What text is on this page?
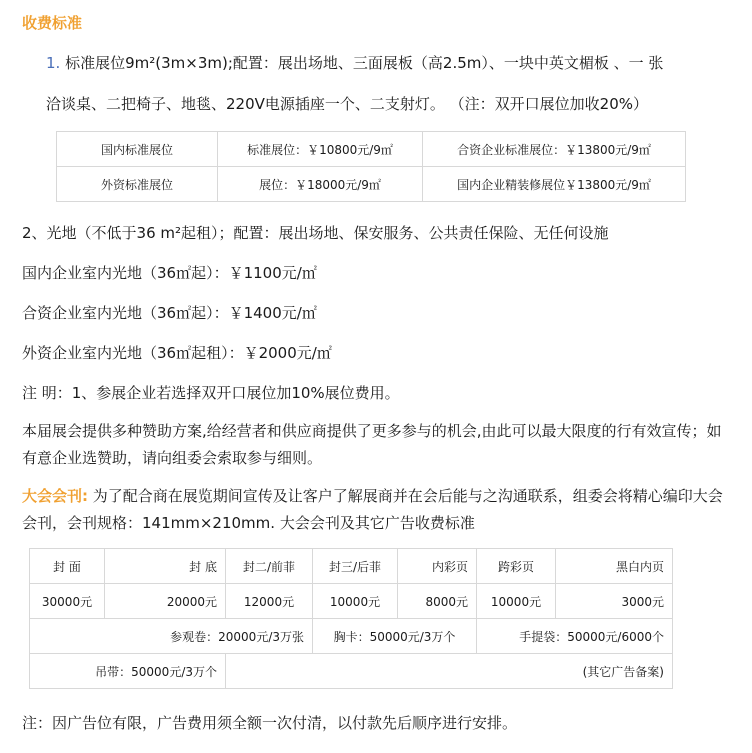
收费标准
1. 标准展位9m²(3m×3m);配置：展出场地、三面展板（高2.5m）、一块中英文楣板 、一 张
洽谈桌、二把椅子、地毯、220V电源插座一个、二支射灯。 （注：双开口展位加收20%）
国内标准展位	标准展位：￥10800元/9㎡	合资企业标准展位：￥13800元/9㎡
外资标准展位	展位：￥18000元/9㎡	国内企业精装修展位￥13800元/9㎡
2、光地（不低于36 m²起租）；配置：展出场地、保安服务、公共责任保险、无任何设施
国内企业室内光地（36㎡起）：￥1100元/㎡
合资企业室内光地（36㎡起）：￥1400元/㎡
外资企业室内光地（36㎡起租）：￥2000元/㎡
注 明：1、参展企业若选择双开口展位加10%展位费用。
本届展会提供多种赞助方案,给经营者和供应商提供了更多参与的机会,由此可以最大限度的行有效宣传；如有意企业选赞助，请向组委会索取参与细则。
大会会刊: 为了配合商在展览期间宣传及让客户了解展商并在会后能与之沟通联系，组委会将精心编印大会会刊，会刊规格：141mm×210mm. 大会会刊及其它广告收费标准
封 面	封 底	封二/前菲	封三/后菲	内彩页	跨彩页	黑白内页
30000元	20000元	12000元	10000元	8000元	10000元	3000元
参观卷：20000元/3万张			胸卡：50000元/3万个		手提袋：50000元/6000个	
吊带：50000元/3万个		(其它广告备案)				
注：因广告位有限，广告费用须全额一次付清，以付款先后顺序进行安排。
